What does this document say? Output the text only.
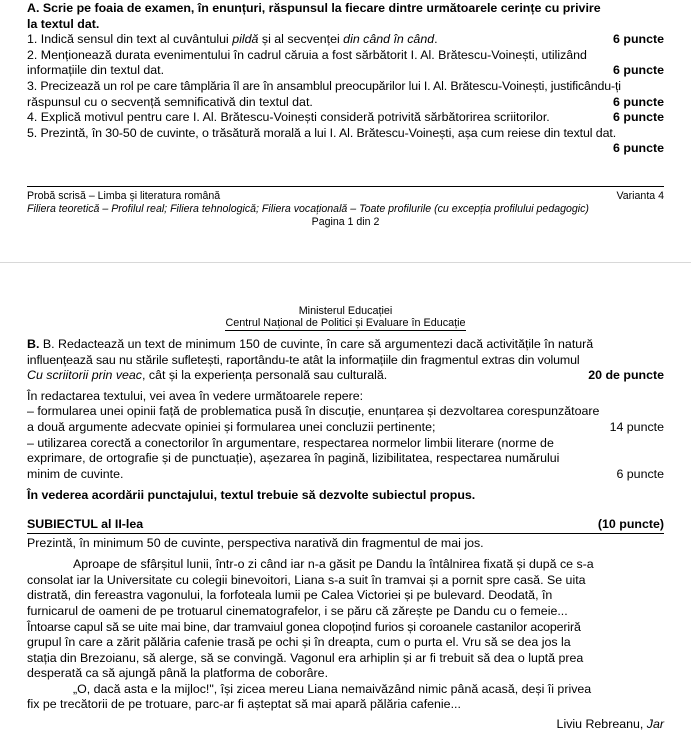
A. Scrie pe foaia de examen, în enunțuri, răspunsul la fiecare dintre următoarele cerințe cu privire
la textul dat.
1. Indică sensul din text al cuvântului pildă și al secvenței din când în când.	6 puncte
2. Menționează durata evenimentului în cadrul căruia a fost sărbătorit I. Al. Brătescu-Voinești, utilizând
informațiile din textul dat.	6 puncte
3. Precizează un rol pe care tâmplăria îl are în ansamblul preocupărilor lui I. Al. Brătescu-Voinești, justificându-ți
răspunsul cu o secvență semnificativă din textul dat.	6 puncte
4. Explică motivul pentru care I. Al. Brătescu-Voinești consideră potrivită sărbătorirea scriitorilor.	6 puncte
5. Prezintă, în 30-50 de cuvinte, o trăsătură morală a lui I. Al. Brătescu-Voinești, așa cum reiese din textul dat.
6 puncte
Probă scrisă – Limba și literatura română	Varianta 4
Filiera teoretică – Profilul real; Filiera tehnologică; Filiera vocațională – Toate profilurile (cu excepția profilului pedagogic)
Pagina 1 din 2
Ministerul Educației
Centrul Național de Politici și Evaluare în Educație
B. B. Redactează un text de minimum 150 de cuvinte, în care să argumentezi dacă activitățile în natură
influențează sau nu stările sufletești, raportându-te atât la informațiile din fragmentul extras din volumul
Cu scriitorii prin veac, cât și la experiența personală sau culturală.	20 de puncte
În redactarea textului, vei avea în vedere următoarele repere:
– formularea unei opinii față de problematica pusă în discuție, enunțarea și dezvoltarea corespunzătoare
a două argumente adecvate opiniei și formularea unei concluzii pertinente;	14 puncte
– utilizarea corectă a conectorilor în argumentare, respectarea normelor limbii literare (norme de
exprimare, de ortografie și de punctuație), așezarea în pagină, lizibilitatea, respectarea numărului
minim de cuvinte.	6 puncte
În vederea acordării punctajului, textul trebuie să dezvolte subiectul propus.
SUBIECTUL al II-lea	(10 puncte)
Prezintă, în minimum 50 de cuvinte, perspectiva narativă din fragmentul de mai jos.
Aproape de sfârșitul lunii, într-o zi când iar n-a găsit pe Dandu la întâlnirea fixată și după ce s-a
consolat iar la Universitate cu colegii binevoitori, Liana s-a suit în tramvai și a pornit spre casă. Se uita
distrată, din fereastra vagonului, la forfoteala lumii pe Calea Victoriei și pe bulevard. Deodată, în
furnicarul de oameni de pe trotuarul cinematografelor, i se păru că zărește pe Dandu cu o femeie...
Întoarse capul să se uite mai bine, dar tramvaiul gonea clopoțind furios și coroanele castanilor acoperiră
grupul în care a zărit pălăria cafenie trasă pe ochi și în dreapta, cum o purta el. Vru să se dea jos la
stația din Brezoianu, să alerge, să se convingă. Vagonul era arhiplin și ar fi trebuit să dea o luptă prea
desperată ca să ajungă până la platforma de coborâre.
„O, dacă asta e la mijloc!", își zicea mereu Liana nemaivăzând nimic până acasă, deși îi privea
fix pe trecătorii de pe trotuare, parc-ar fi așteptat să mai apară pălăria cafenie...
Liviu Rebreanu, Jar
